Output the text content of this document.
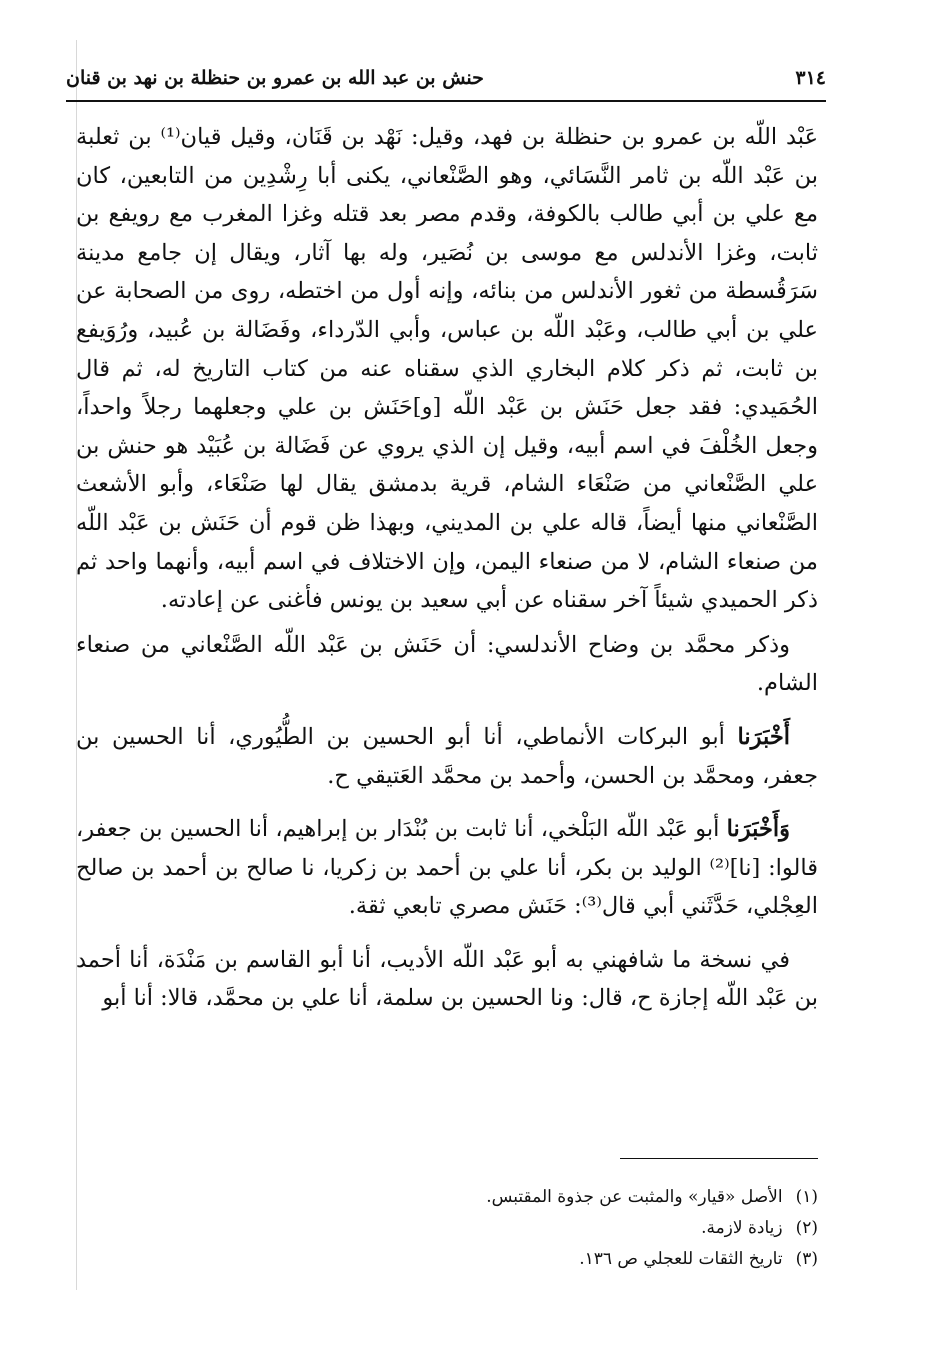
٣١٤
حنش بن عبد الله بن عمرو بن حنظلة بن نهد بن قنان

عَبْد اللّه بن عمرو بن حنظلة بن فهد، وقيل: نَهْد بن قَنَان، وقيل قيان⁽¹⁾ بن ثعلبة بن عَبْد اللّه بن ثامر النَّسَائي، وهو الصَّنْعاني، يكنى أبا رِشْدِين من التابعين، كان مع علي بن أبي طالب بالكوفة، وقدم مصر بعد قتله وغزا المغرب مع رويفع بن ثابت، وغزا الأندلس مع موسى بن نُصَير، وله بها آثار، ويقال إن جامع مدينة سَرَقُسطة من ثغور الأندلس من بنائه، وإنه أول من اختطه، روى من الصحابة عن علي بن أبي طالب، وعَبْد اللّه بن عباس، وأبي الدّرداء، وفَضَالة بن عُبيد، ورُوَيفع بن ثابت، ثم ذكر كلام البخاري الذي سقناه عنه من كتاب التاريخ له، ثم قال الحُمَيدي: فقد جعل حَنَش بن عَبْد اللّه [و]حَنَش بن علي وجعلهما رجلاً واحداً، وجعل الخُلْفَ في اسم أبيه، وقيل إن الذي يروي عن فَضَالة بن عُبَيْد هو حنش بن علي الصَّنْعاني من صَنْعَاء الشام، قرية بدمشق يقال لها صَنْعَاء، وأبو الأشعث الصَّنْعاني منها أيضاً، قاله علي بن المديني، وبهذا ظن قوم أن حَنَش بن عَبْد اللّه من صنعاء الشام، لا من صنعاء اليمن، وإن الاختلاف في اسم أبيه، وأنهما واحد ثم ذكر الحميدي شيئاً آخر سقناه عن أبي سعيد بن يونس فأغنى عن إعادته.

وذكر محمَّد بن وضاح الأندلسي: أن حَنَش بن عَبْد اللّه الصَّنْعاني من صنعاء الشام.

أَخْبَرَنا أبو البركات الأنماطي، أنا أبو الحسين بن الطُّيُوري، أنا الحسين بن جعفر، ومحمَّد بن الحسن، وأحمد بن محمَّد العَتيقي ح.

وَأَخْبَرَنا أبو عَبْد اللّه البَلْخي، أنا ثابت بن بُنْدَار بن إبراهيم، أنا الحسين بن جعفر، قالوا: [نا]⁽²⁾ الوليد بن بكر، أنا علي بن أحمد بن زكريا، نا صالح بن أحمد بن صالح العِجْلي، حَدَّثَني أبي قال⁽³⁾: حَنَش مصري تابعي ثقة.

في نسخة ما شافهني به أبو عَبْد اللّه الأديب، أنا أبو القاسم بن مَنْدَة، أنا أحمد بن عَبْد اللّه إجازة ح، قال: ونا الحسين بن سلمة، أنا علي بن محمَّد، قالا: أنا أبو

(١) الأصل «قيار» والمثبت عن جذوة المقتبس.
(٢) زيادة لازمة.
(٣) تاريخ الثقات للعجلي ص ١٣٦.
